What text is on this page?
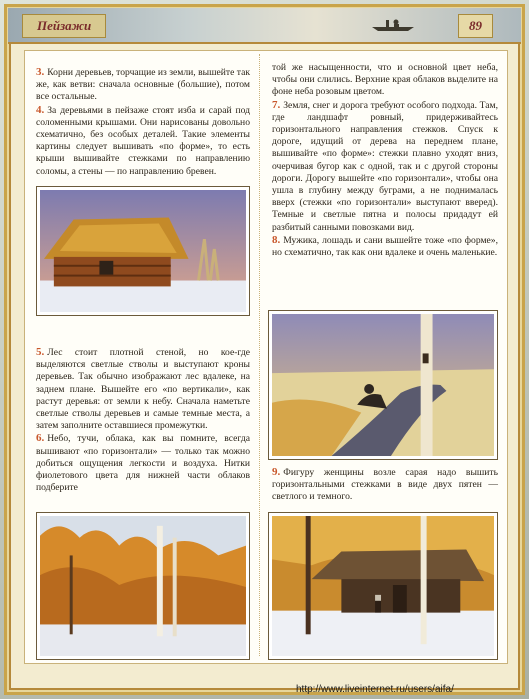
Пейзажи	89

3. Корни деревьев, торчащие из земли, вышейте так же, как ветви: сначала основные (большие), потом все остальные.

4. За деревьями в пейзаже стоят изба и сарай под соломенными крышами. Они нарисованы довольно схематично, без особых деталей. Такие элементы картины следует вышивать «по форме», то есть крыши вышивайте стежками по направлению соломы, а стены — по направлению бревен.

5. Лес стоит плотной стеной, но кое-где выделяются светлые стволы и выступают кроны деревьев. Так обычно изображают лес вдалеке, на заднем плане. Вышейте его «по вертикали», как растут деревья: от земли к небу. Сначала наметьте светлые стволы деревьев и самые темные места, а затем заполните оставшиеся промежутки.

6. Небо, тучи, облака, как вы помните, всегда вышивают «по горизонтали» — только так можно добиться ощущения легкости и воздуха. Нитки фиолетового цвета для нижней части облаков подберите

той же насыщенности, что и основной цвет неба, чтобы они слились. Верхние края облаков выделите на фоне неба розовым цветом.

7. Земля, снег и дорога требуют особого подхода. Там, где ландшафт ровный, придерживайтесь горизонтального направления стежков. Спуск к дороге, идущий от дерева на переднем плане, вышивайте «по форме»: стежки плавно уходят вниз, очерчивая бугор как с одной, так и с другой стороны дороги. Дорогу вышейте «по горизонтали», чтобы она ушла в глубину между буграми, а не поднималась вверх (стежки «по горизонтали» выступают вверед). Темные и светлые пятна и полосы придадут ей разбитый санными повозками вид.

8. Мужика, лошадь и сани вышейте тоже «по форме», но схематично, так как они вдалеке и очень маленькие.

9. Фигуру женщины возле сарая надо вышить горизонтальными стежками в виде двух пятен — светлого и темного.

http://www.liveinternet.ru/users/aifa/
